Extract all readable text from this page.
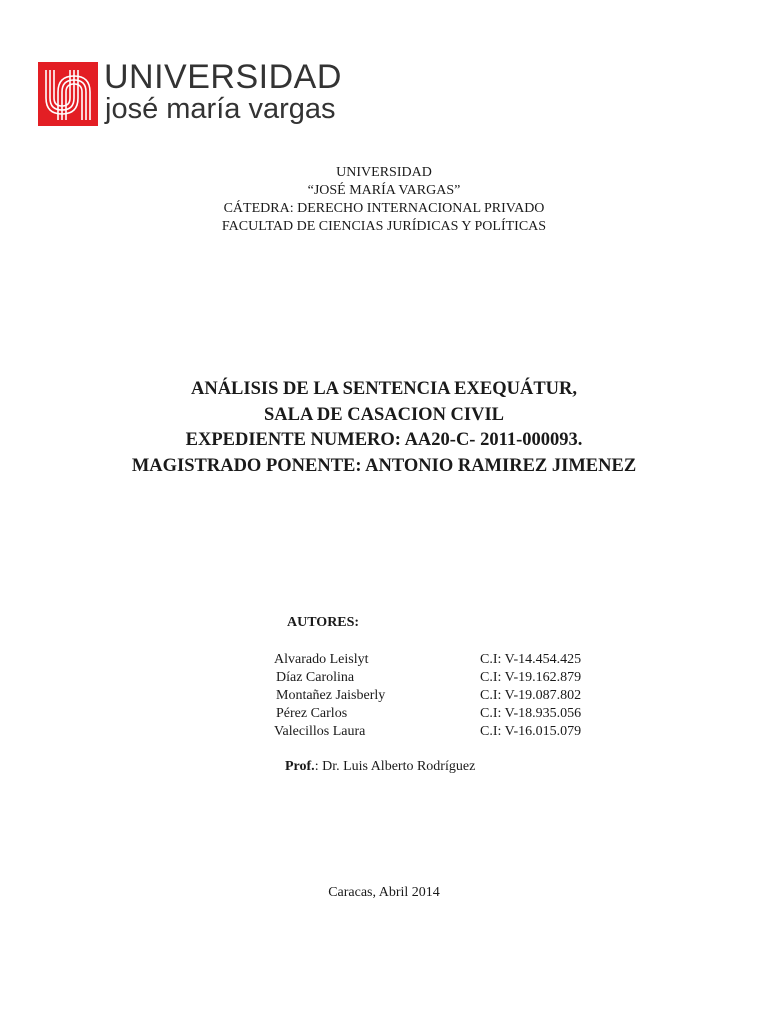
UNIVERSIDAD
josé maría vargas
UNIVERSIDAD
“JOSÉ MARÍA VARGAS”
CÁTEDRA: DERECHO INTERNACIONAL PRIVADO
FACULTAD DE CIENCIAS JURÍDICAS Y POLÍTICAS
ANÁLISIS DE LA SENTENCIA EXEQUÁTUR,
SALA DE CASACION CIVIL
EXPEDIENTE NUMERO: AA20-C- 2011-000093.
MAGISTRADO PONENTE: ANTONIO RAMIREZ JIMENEZ
AUTORES:
Alvarado Leislyt	C.I: V-14.454.425
Díaz Carolina	C.I: V-19.162.879
Montañez Jaisberly	C.I: V-19.087.802
Pérez Carlos	C.I: V-18.935.056
Valecillos Laura	C.I: V-16.015.079
Prof.: Dr. Luis Alberto Rodríguez
Caracas, Abril 2014
